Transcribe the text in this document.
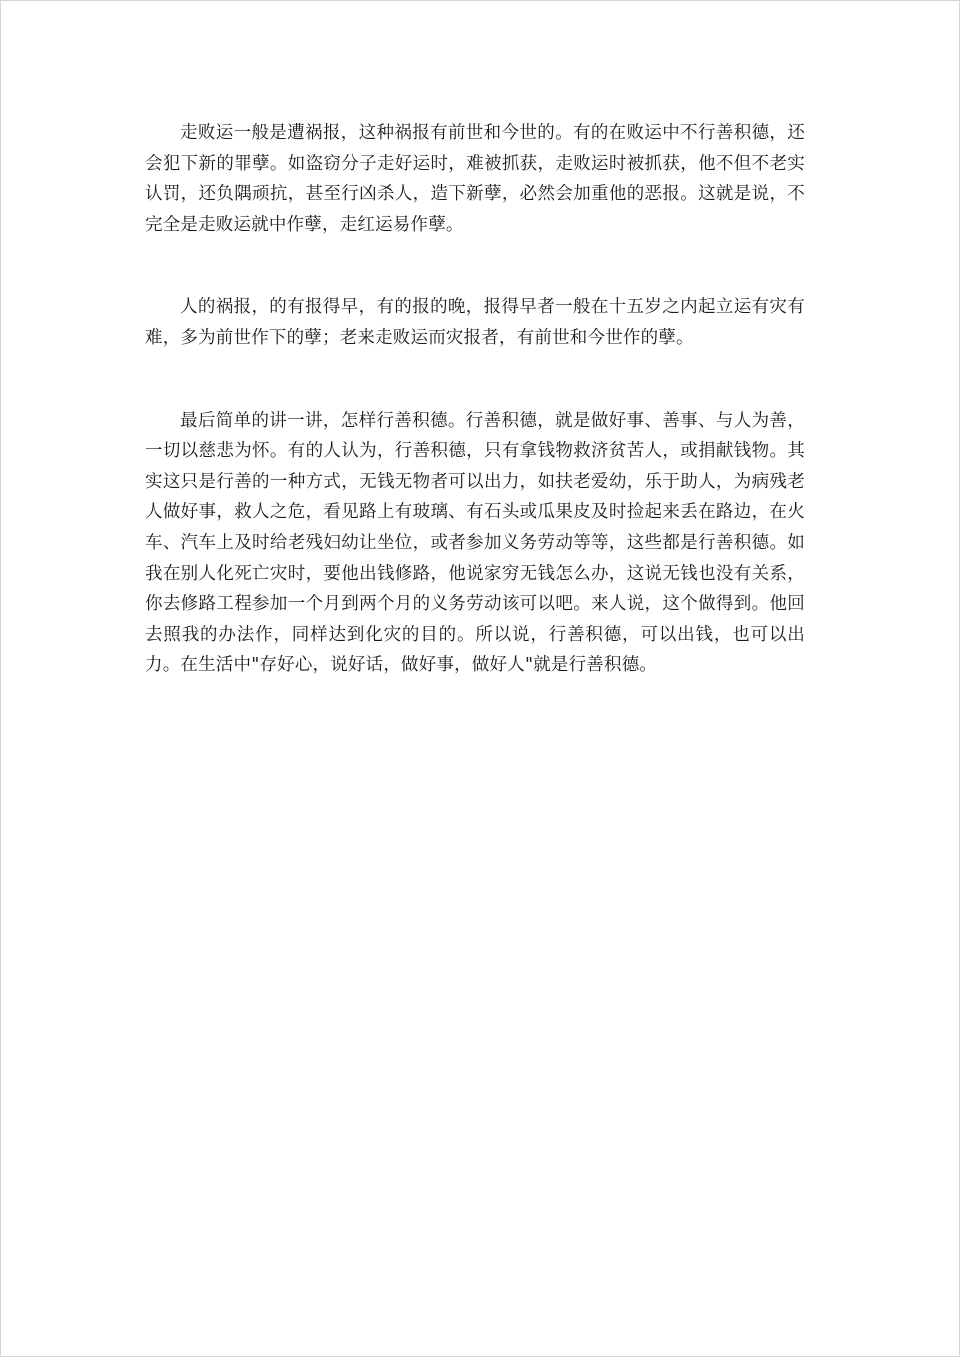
走败运一般是遭祸报，这种祸报有前世和今世的。有的在败运中不行善积德，还会犯下新的罪孽。如盗窃分子走好运时，难被抓获，走败运时被抓获，他不但不老实认罚，还负隅顽抗，甚至行凶杀人，造下新孽，必然会加重他的恶报。这就是说，不完全是走败运就中作孽，走红运易作孽。

人的祸报，的有报得早，有的报的晚，报得早者一般在十五岁之内起立运有灾有难，多为前世作下的孽；老来走败运而灾报者，有前世和今世作的孽。

最后简单的讲一讲，怎样行善积德。行善积德，就是做好事、善事、与人为善，一切以慈悲为怀。有的人认为，行善积德，只有拿钱物救济贫苦人，或捐献钱物。其实这只是行善的一种方式，无钱无物者可以出力，如扶老爱幼，乐于助人，为病残老人做好事，救人之危，看见路上有玻璃、有石头或瓜果皮及时捡起来丢在路边，在火车、汽车上及时给老残妇幼让坐位，或者参加义务劳动等等，这些都是行善积德。如我在别人化死亡灾时，要他出钱修路，他说家穷无钱怎么办，这说无钱也没有关系，你去修路工程参加一个月到两个月的义务劳动该可以吧。来人说，这个做得到。他回去照我的办法作，同样达到化灾的目的。所以说，行善积德，可以出钱，也可以出力。在生活中"存好心，说好话，做好事，做好人"就是行善积德。
